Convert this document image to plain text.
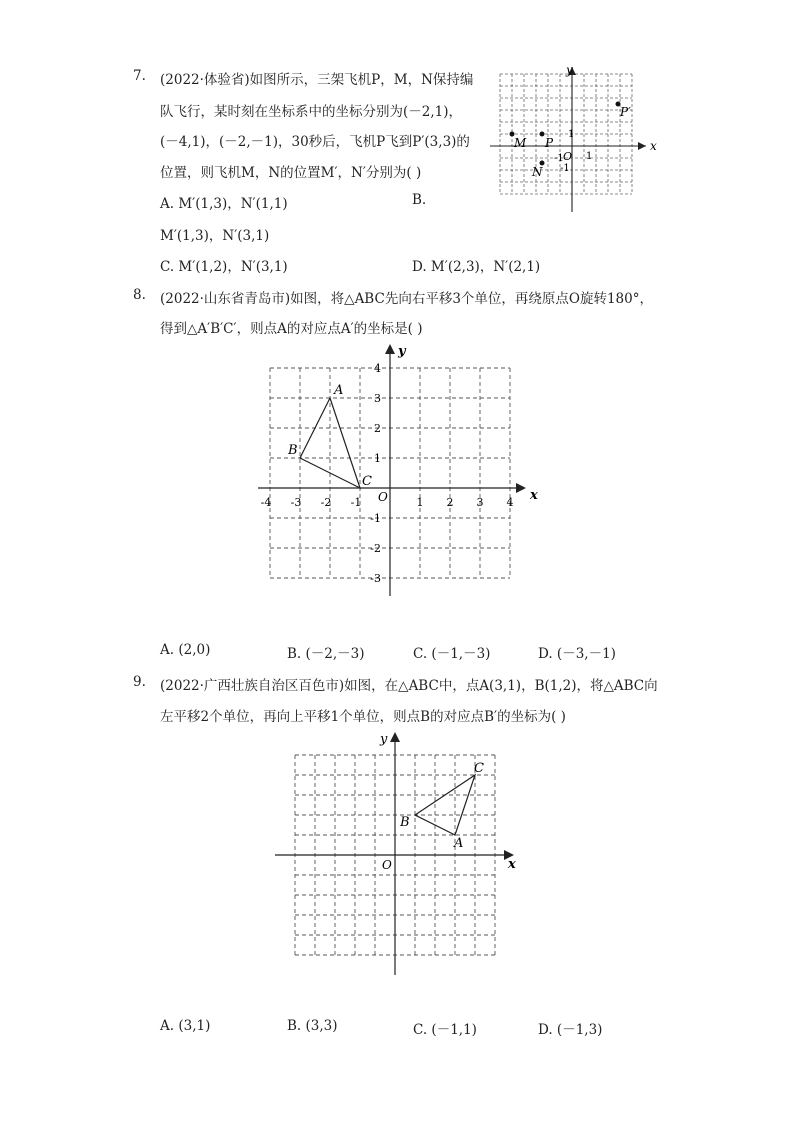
7. (2022·体验省)如图所示，三架飞机P，M，N保持编
队飞行，某时刻在坐标系中的坐标分别为(－2,1)，
(－4,1)，(－2,－1)，30秒后，飞机P飞到P′(3,3)的
位置，则飞机M，N的位置M′，N′分别为( )
A. M′(1,3)，N′(1,1)	B.
M′(1,3)，N′(3,1)
C. M′(1,2)，N′(3,1)	D. M′(2,3)，N′(2,1)
x
y
O
-1 1
1
-1
M P
N
P′
8. (2022·山东省青岛市)如图，将△ABC先向右平移3个单位，再绕原点O旋转180°，
得到△A′B′C′，则点A的对应点A′的坐标是( )
x
y
O
-4 -3 -2 -1	1 2 3 4
4
3
2
1
-1
-2
-3
A
B
C
A. (2,0)	B. (－2,－3)	C. (－1,－3)	D. (－3,－1)
9. (2022·广西壮族自治区百色市)如图，在△ABC中，点A(3,1)，B(1,2)，将△ABC向
左平移2个单位，再向上平移1个单位，则点B的对应点B′的坐标为( )
x
y
O
A
B
C
A. (3,1)	B. (3,3)	C. (－1,1)	D. (－1,3)
